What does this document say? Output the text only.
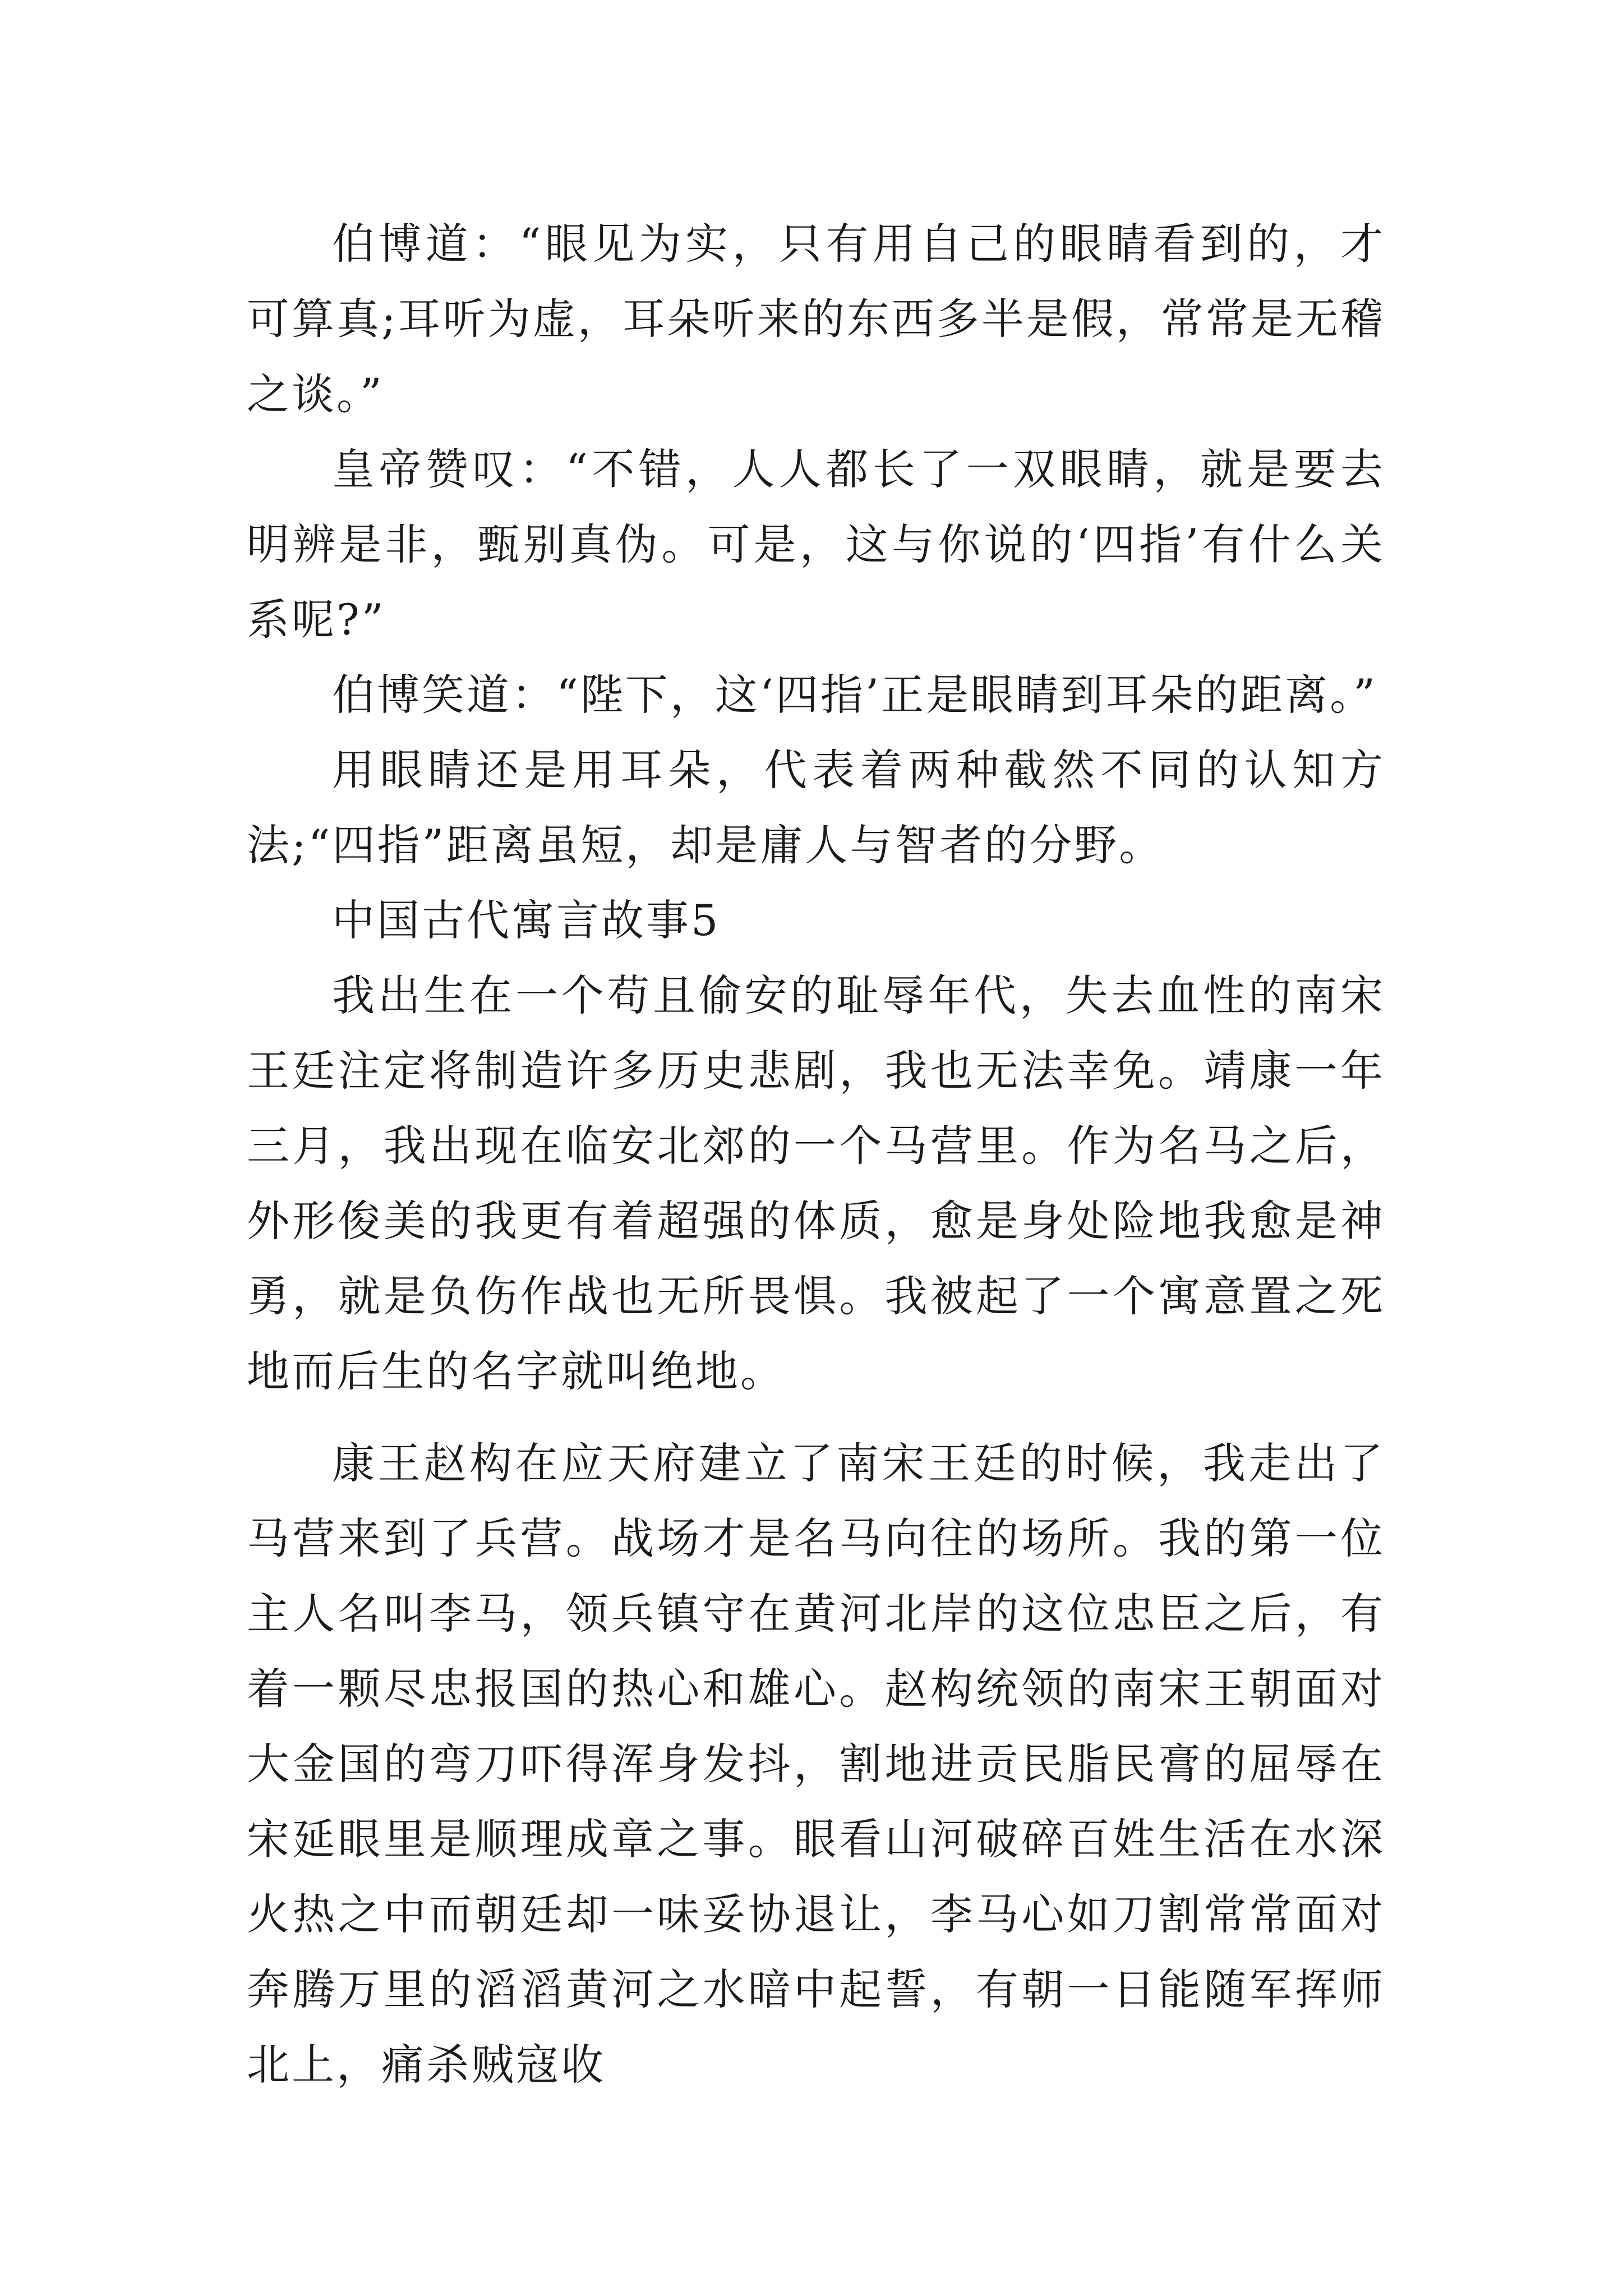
伯博道：“眼见为实，只有用自己的眼睛看到的，才可算真;耳听为虚，耳朵听来的东西多半是假，常常是无稽之谈。”

皇帝赞叹：“不错，人人都长了一双眼睛，就是要去明辨是非，甄别真伪。可是，这与你说的‘四指’有什么关系呢?”

伯博笑道：“陛下，这‘四指’正是眼睛到耳朵的距离。”

用眼睛还是用耳朵，代表着两种截然不同的认知方法;“四指”距离虽短，却是庸人与智者的分野。

中国古代寓言故事5

我出生在一个苟且偷安的耻辱年代，失去血性的南宋王廷注定将制造许多历史悲剧，我也无法幸免。靖康一年三月，我出现在临安北郊的一个马营里。作为名马之后，外形俊美的我更有着超强的体质，愈是身处险地我愈是神勇，就是负伤作战也无所畏惧。我被起了一个寓意置之死地而后生的名字就叫绝地。

康王赵构在应天府建立了南宋王廷的时候，我走出了马营来到了兵营。战场才是名马向往的场所。我的第一位主人名叫李马，领兵镇守在黄河北岸的这位忠臣之后，有着一颗尽忠报国的热心和雄心。赵构统领的南宋王朝面对大金国的弯刀吓得浑身发抖，割地进贡民脂民膏的屈辱在宋延眼里是顺理成章之事。眼看山河破碎百姓生活在水深火热之中而朝廷却一味妥协退让，李马心如刀割常常面对奔腾万里的滔滔黄河之水暗中起誓，有朝一日能随军挥师北上，痛杀贼寇收
